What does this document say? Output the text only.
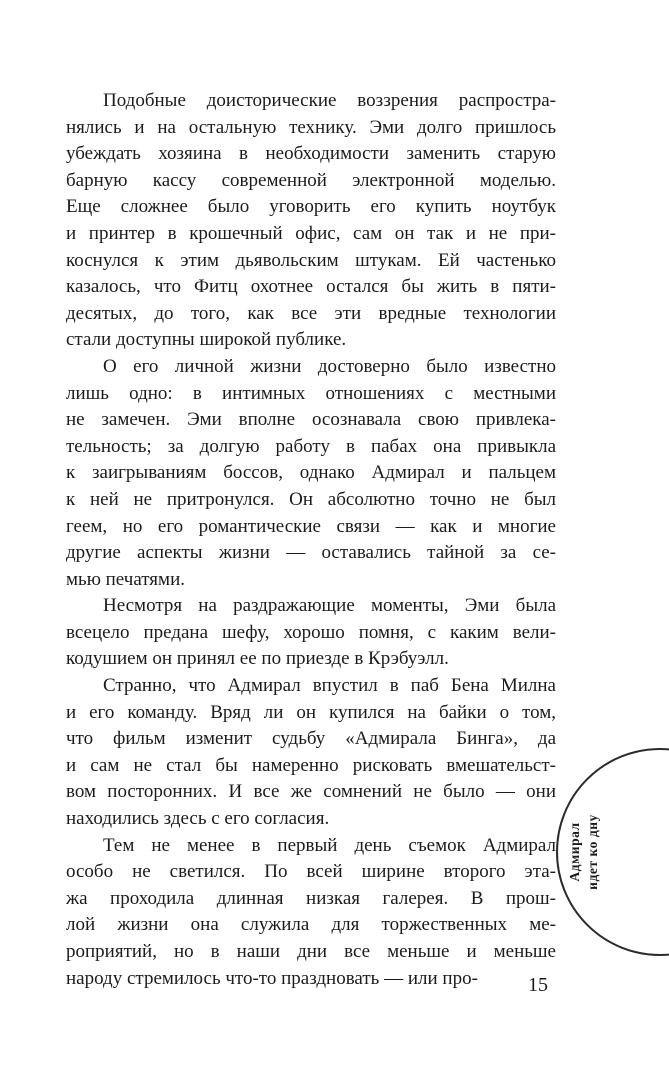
Подобные доисторические воззрения распростра-
нялись и на остальную технику. Эми долго пришлось
убеждать хозяина в необходимости заменить старую
барную кассу современной электронной моделью.
Еще сложнее было уговорить его купить ноутбук
и принтер в крошечный офис, сам он так и не при-
коснулся к этим дьявольским штукам. Ей частенько
казалось, что Фитц охотнее остался бы жить в пяти-
десятых, до того, как все эти вредные технологии
стали доступны широкой публике.
О его личной жизни достоверно было известно
лишь одно: в интимных отношениях с местными
не замечен. Эми вполне осознавала свою привлека-
тельность; за долгую работу в пабах она привыкла
к заигрываниям боссов, однако Адмирал и пальцем
к ней не притронулся. Он абсолютно точно не был
геем, но его романтические связи — как и многие
другие аспекты жизни — оставались тайной за се-
мью печатями.
Несмотря на раздражающие моменты, Эми была
всецело предана шефу, хорошо помня, с каким вели-
кодушием он принял ее по приезде в Крэбуэлл.
Странно, что Адмирал впустил в паб Бена Милна
и его команду. Вряд ли он купился на байки о том,
что фильм изменит судьбу «Адмирала Бинга», да
и сам не стал бы намеренно рисковать вмешательст-
вом посторонних. И все же сомнений не было — они
находились здесь с его согласия.
Тем не менее в первый день съемок Адмирал
особо не светился. По всей ширине второго эта-
жа проходила длинная низкая галерея. В прош-
лой жизни она служила для торжественных ме-
роприятий, но в наши дни все меньше и меньше
народу стремилось что-то праздновать — или про-
Адмирал идет ко дну
15
